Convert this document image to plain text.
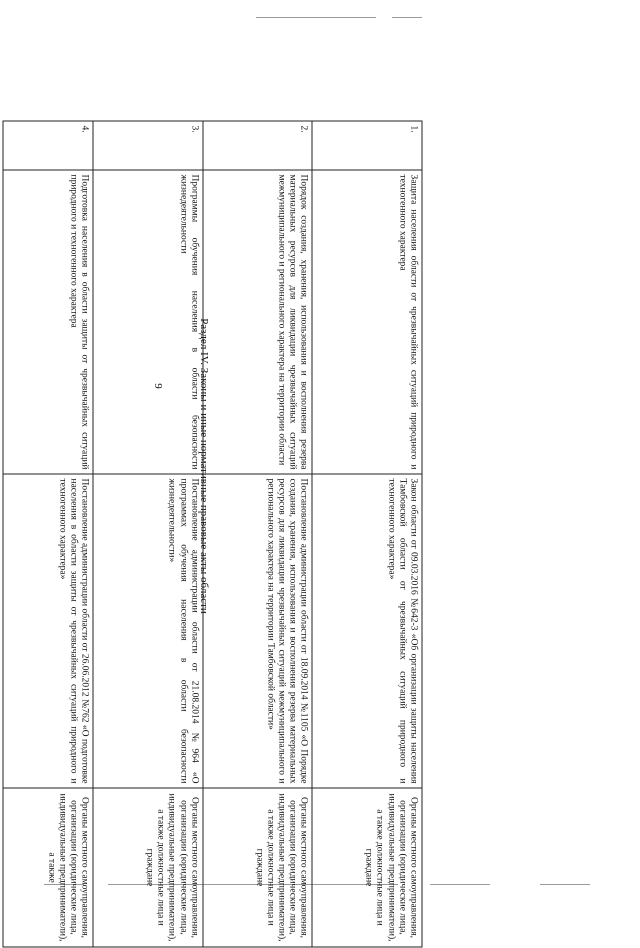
9	Раздел IV. Законы и иные нормативные правовые акты области
1.	Защита населения области от чрезвычайных ситуаций природного и техногенного характера	Закон области от 09.03.2016 №642-3 «Об организации защиты населения Тамбовской области от чрезвычайных ситуаций природного и техногенного характера»	Органы местного самоуправления, организации (юридические лица, индивидуальные предприниматели), а также должностные лица и граждане
2.	Порядок создания, хранения, использования и восполнения резерва материальных ресурсов для ликвидации чрезвычайных ситуаций межмуниципального и регионального характера на территории области	Постановление администрации области от 18.09.2014 №1105 «О Порядке создания, хранения, использования и восполнения резерва материальных ресурсов для ликвидации чрезвычайных ситуаций межмуниципального и регионального характера на территории Тамбовской области»	Органы местного самоуправления, организации (юридические лица, индивидуальные предприниматели), а также должностные лица и граждане
3.	Программы обучения населения в области безопасности жизнедеятельности	Постановление администрации области от 21.08.2014 №964 «О программах обучения населения в области безопасности жизнедеятельности»	Органы местного самоуправления, организации (юридические лица, индивидуальные предприниматели), а также должностные лица и граждане
4.	Подготовка населения в области защиты от чрезвычайных ситуаций природного и техногенного характера	Постановление администрации области от 26.06.2012 №762 «О подготовке населения в области защиты от чрезвычайных ситуаций природного и техногенного характера»	Органы местного самоуправления, организации (юридические лица, индивидуальные предприниматели), а также
